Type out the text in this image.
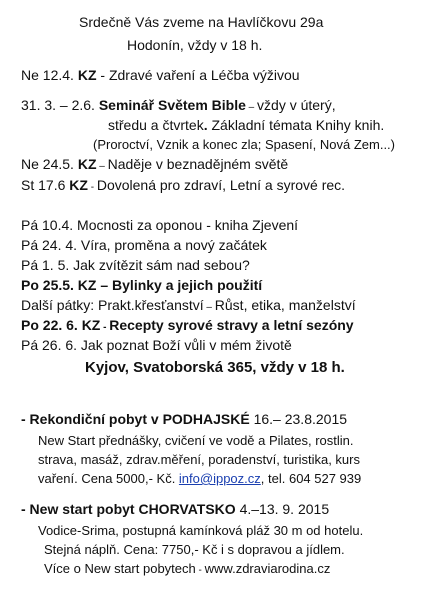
Srdečně Vás zveme na Havlíčkovu 29a
Hodonín, vždy v 18 h.
Ne 12.4. KZ - Zdravé vaření a Léčba výživou
31. 3. – 2.6. Seminář Světem Bible – vždy v úterý,
středu a čtvrtek. Základní témata Knihy knih.
(Proroctví, Vznik a konec zla; Spasení, Nová Zem...)
Ne 24.5. KZ – Naděje v beznadějném světě
St 17.6 KZ - Dovolená pro zdraví, Letní a syrové rec.
Pá 10.4. Mocnosti za oponou - kniha Zjevení
Pá 24. 4. Víra, proměna a nový začátek
Pá 1. 5. Jak zvítězit sám nad sebou?
Po 25.5. KZ – Bylinky a jejich použití
Další pátky: Prakt.křesťanství – Růst, etika, manželství
Po 22. 6. KZ - Recepty syrové stravy a letní sezóny
Pá 26. 6. Jak poznat Boží vůli v mém životě
Kyjov, Svatoborská 365, vždy v 18 h.
- Rekondiční pobyt v PODHAJSKÉ 16.– 23.8.2015
New Start přednášky, cvičení ve vodě a Pilates, rostlin.
strava, masáž, zdrav.měření, poradenství, turistika, kurs
vaření. Cena 5000,- Kč. info@ippoz.cz, tel. 604 527 939
- New start pobyt CHORVATSKO 4.–13. 9. 2015
Vodice-Srima, postupná kamínková pláž 30 m od hotelu.
Stejná náplň. Cena: 7750,- Kč i s dopravou a jídlem.
Více o New start pobytech - www.zdraviarodina.cz
